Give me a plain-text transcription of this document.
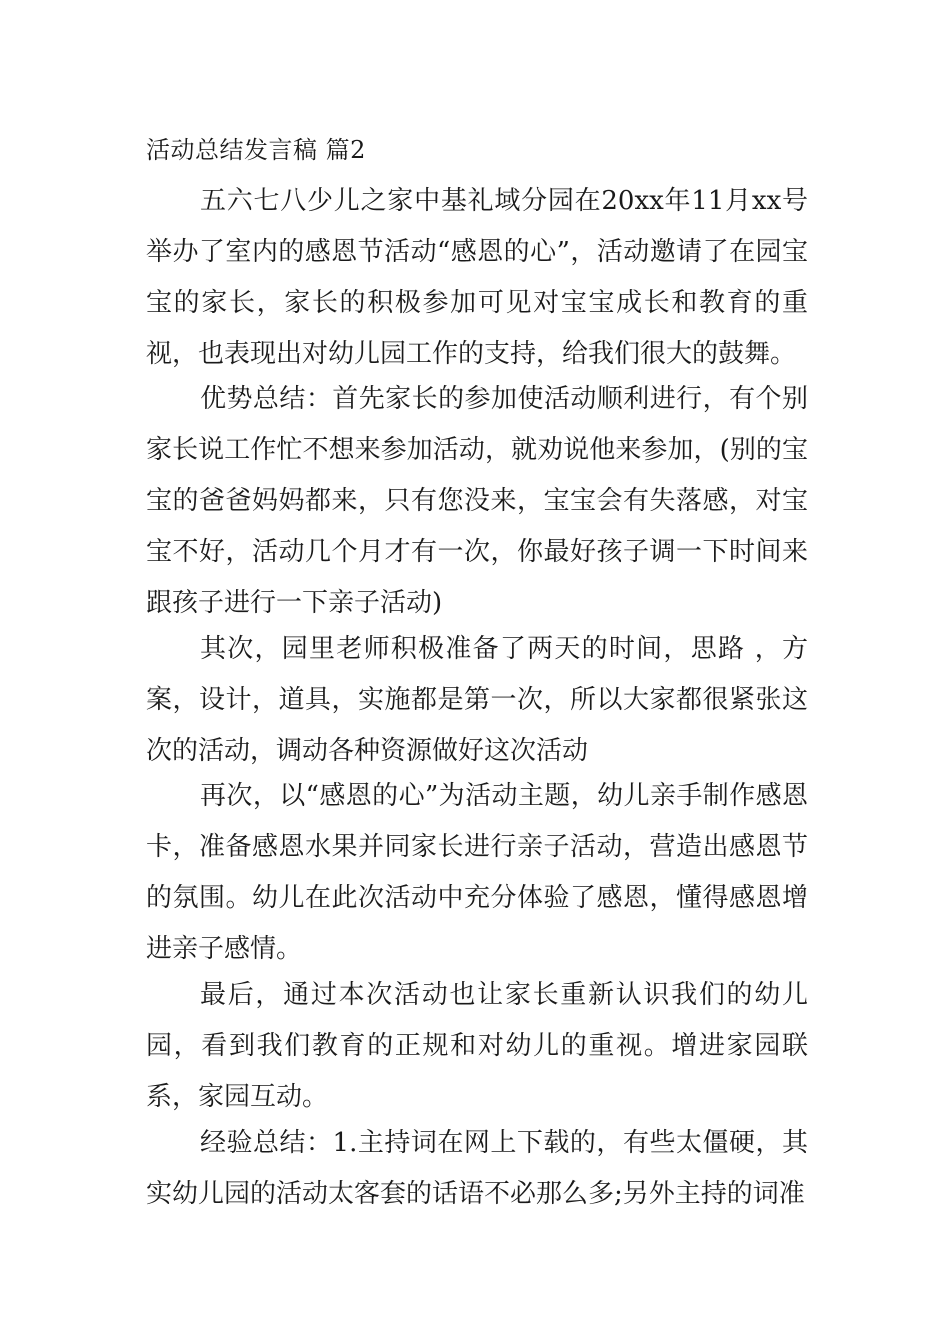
活动总结发言稿 篇2

五六七八少儿之家中基礼域分园在20xx年11月xx号举办了室内的感恩节活动“感恩的心”，活动邀请了在园宝宝的家长，家长的积极参加可见对宝宝成长和教育的重视，也表现出对幼儿园工作的支持，给我们很大的鼓舞。

优势总结：首先家长的参加使活动顺利进行，有个别家长说工作忙不想来参加活动，就劝说他来参加，(别的宝宝的爸爸妈妈都来，只有您没来，宝宝会有失落感，对宝宝不好，活动几个月才有一次，你最好孩子调一下时间来跟孩子进行一下亲子活动)

其次，园里老师积极准备了两天的时间，思路 ，方案，设计，道具，实施都是第一次，所以大家都很紧张这次的活动，调动各种资源做好这次活动

再次，以“感恩的心”为活动主题，幼儿亲手制作感恩卡，准备感恩水果并同家长进行亲子活动，营造出感恩节的氛围。幼儿在此次活动中充分体验了感恩，懂得感恩增进亲子感情。

最后，通过本次活动也让家长重新认识我们的幼儿园，看到我们教育的正规和对幼儿的重视。增进家园联系，家园互动。

经验总结：1.主持词在网上下载的，有些太僵硬，其实幼儿园的活动太客套的话语不必那么多;另外主持的词准
